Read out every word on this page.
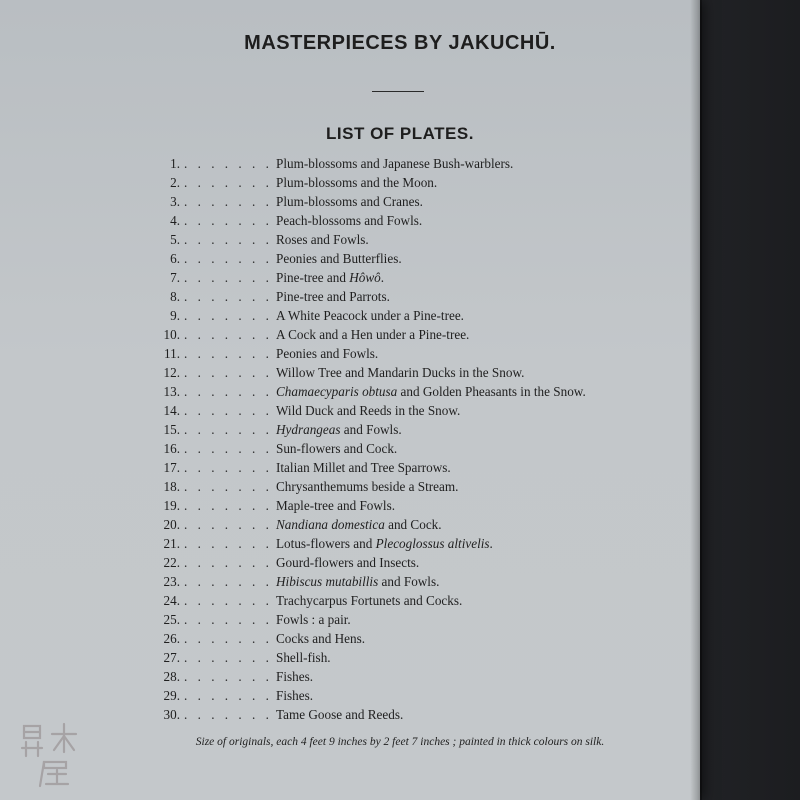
MASTERPIECES BY JAKUCHŪ.
LIST OF PLATES.
1. . . . . . . . Plum-blossoms and Japanese Bush-warblers.
2. . . . . . . . Plum-blossoms and the Moon.
3. . . . . . . . Plum-blossoms and Cranes.
4. . . . . . . . Peach-blossoms and Fowls.
5. . . . . . . . Roses and Fowls.
6. . . . . . . . Peonies and Butterflies.
7. . . . . . . . Pine-tree and Hôwô.
8. . . . . . . . Pine-tree and Parrots.
9. . . . . . . . A White Peacock under a Pine-tree.
10. . . . . . . . A Cock and a Hen under a Pine-tree.
11. . . . . . . . Peonies and Fowls.
12. . . . . . . . Willow Tree and Mandarin Ducks in the Snow.
13. . . . . . . . Chamaecyparis obtusa and Golden Pheasants in the Snow.
14. . . . . . . . Wild Duck and Reeds in the Snow.
15. . . . . . . . Hydrangeas and Fowls.
16. . . . . . . . Sun-flowers and Cock.
17. . . . . . . . Italian Millet and Tree Sparrows.
18. . . . . . . . Chrysanthemums beside a Stream.
19. . . . . . . . Maple-tree and Fowls.
20. . . . . . . . Nandiana domestica and Cock.
21. . . . . . . . Lotus-flowers and Plecoglossus altivelis.
22. . . . . . . . Gourd-flowers and Insects.
23. . . . . . . . Hibiscus mutabillis and Fowls.
24. . . . . . . . Trachycarpus Fortunets and Cocks.
25. . . . . . . . Fowls : a pair.
26. . . . . . . . Cocks and Hens.
27. . . . . . . . Shell-fish.
28. . . . . . . . Fishes.
29. . . . . . . . Fishes.
30. . . . . . . . Tame Goose and Reeds.
Size of originals, each 4 feet 9 inches by 2 feet 7 inches ; painted in thick colours on silk.
